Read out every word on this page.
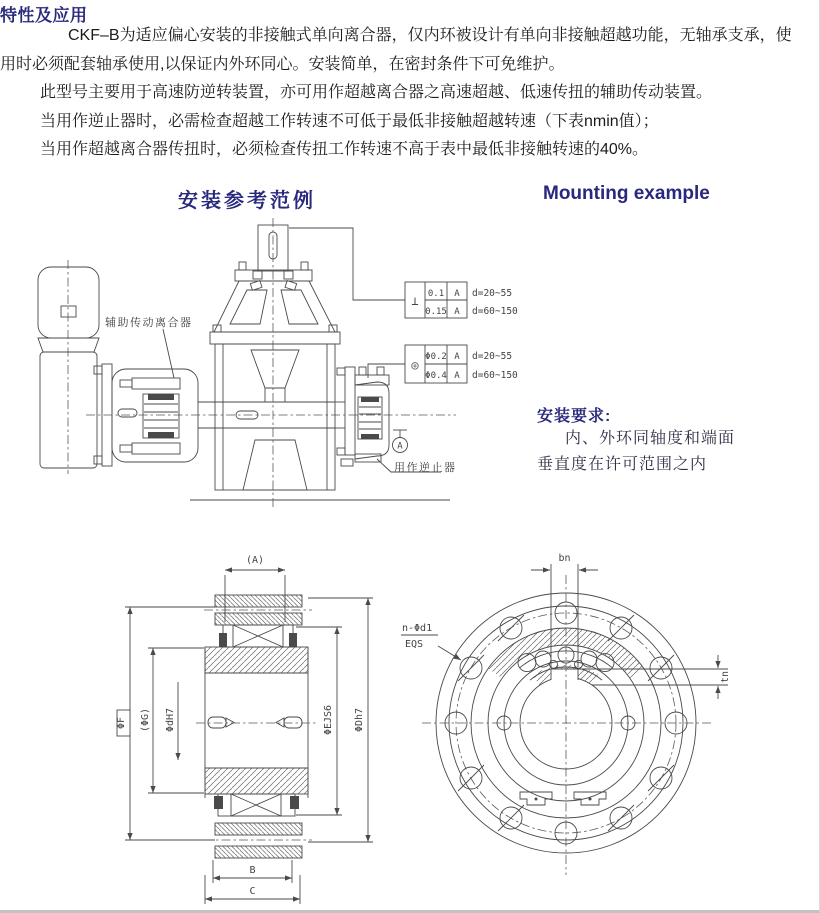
特性及应用
CKF–B为适应偏心安装的非接触式单向离合器，仅内环被设计有单向非接触超越功能，无轴承支承，使
用时必须配套轴承使用,以保证内外环同心。安装简单，在密封条件下可免维护。
此型号主要用于高速防逆转装置，亦可用作超越离合器之高速超越、低速传扭的辅助传动装置。
当用作逆止器时，必需检查超越工作转速不可低于最低非接触超越转速（下表nmin值）；
当用作超越离合器传扭时，必须检查传扭工作转速不高于表中最低非接触转速的40%。
安装参考范例	Mounting example
安装要求:
内、外环同轴度和端面
垂直度在许可范围之内
辅助传动离合器
用作逆止器
A
⊥ 0.1 A
0.15 A
d=20~55
d=60~150
◎
Φ0.2 A
Φ0.4 A
d=20~55
d=60~150
(A)
B
C
ΦF (ΦG) ΦdH7	ΦEJS6 ΦDh7
bn
tn
n-Φd1
EQS
